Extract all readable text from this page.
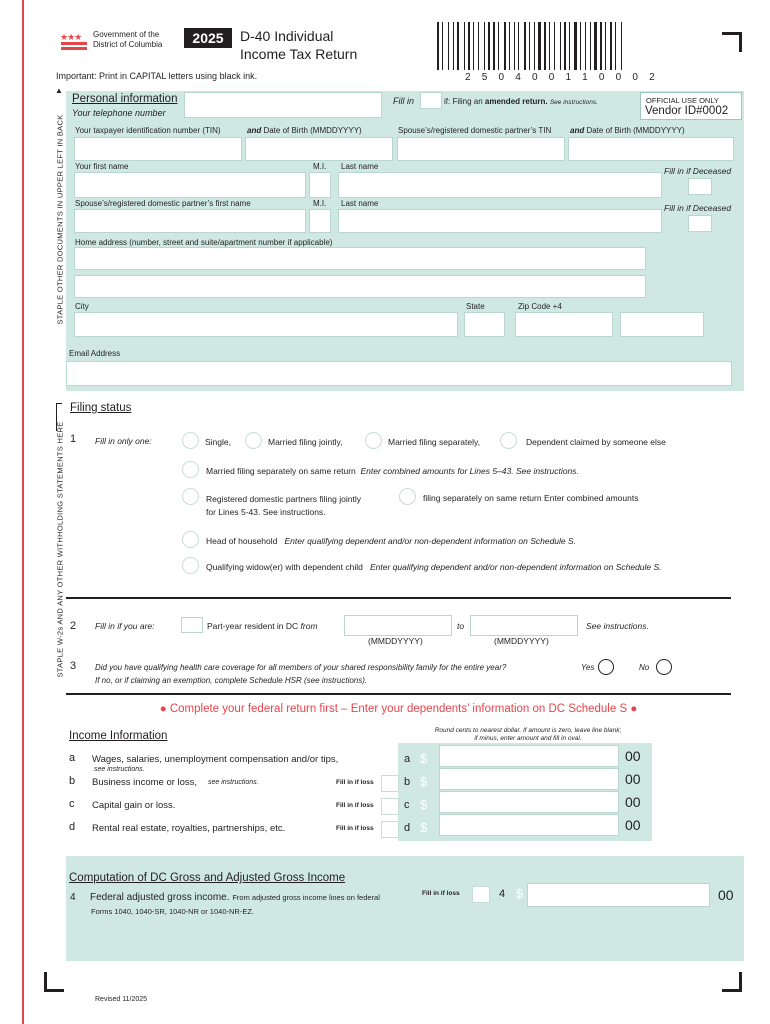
STAPLE OTHER DOCUMENTS IN UPPER LEFT IN BACK
STAPLE W-2s AND ANY OTHER WITHHOLDING STATEMENTS HERE
▲
★★★ Government of the
District of Columbia	2025	D-40 Individual
Income Tax Return
2 5 0 4 0 0 1 1 0 0 0 2
Important: Print in CAPITAL letters using black ink.
Personal information
Your telephone number
Fill in	if: Filing an amended return. See instructions.	OFFICIAL USE ONLY
Vendor ID#0002
Your taxpayer identification number (TIN)	and Date of Birth (MMDDYYYY)	Spouse’s/registered domestic partner’s TIN and Date of Birth (MMDDYYYY)
Your first name	M.I. Last name	Fill in if Deceased
Spouse’s/registered domestic partner’s first name	M.I. Last name	Fill in if Deceased
Home address (number, street and suite/apartment number if applicable)
City	State	Zip Code +4
Email Address
Filing status
1 Fill in only one:	Single,	Married filing jointly,	Married filing separately,	Dependent claimed by someone else
Married filing separately on same return Enter combined amounts for Lines 5–43. See instructions.
Registered domestic partners filing jointly
for Lines 5-43. See instructions.
filing separately on same return Enter combined amounts
Head of household Enter qualifying dependent and/or non-dependent information on Schedule S.
Qualifying widow(er) with dependent child Enter qualifying dependent and/or non-dependent information on Schedule S.
2 Fill in if you are:	Part-year resident in DC from	to	See instructions.
(MMDDYYYY)	(MMDDYYYY)
3 Did you have qualifying health care coverage for all members of your shared responsibility family for the entire year?	Yes	No
If no, or if claiming an exemption, complete Schedule HSR (see instructions).
● Complete your federal return first – Enter your dependents’ information on DC Schedule S ●
Income Information	Round cents to nearest dollar. If amount is zero, leave line blank;
if minus, enter amount and fill in oval.
a Wages, salaries, unemployment compensation and/or tips,
see instructions.
a $	00
b Business income or loss, see instructions.	Fill in if loss	b $	00
c Capital gain or loss.	Fill in if loss	c $	00
d Rental real estate, royalties, partnerships, etc.	Fill in if loss	d $	00
Computation of DC Gross and Adjusted Gross Income
4 Federal adjusted gross income. From adjusted gross income lines on federal
Forms 1040, 1040-SR, 1040-NR or 1040-NR-EZ.
Fill in if loss	4 $	00
Revised 11/2025
